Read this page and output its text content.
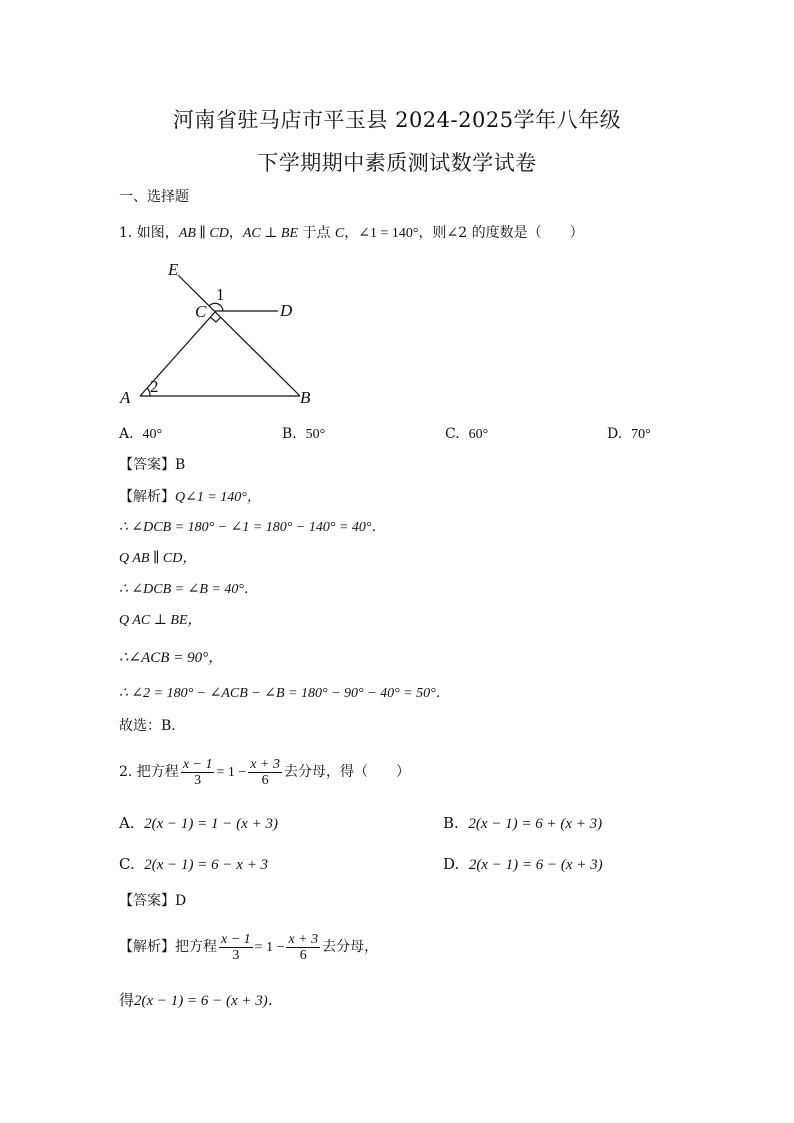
河南省驻马店市平玉县 2024-2025学年八年级
下学期期中素质测试数学试卷
一、选择题
1. 如图，AB ∥ CD，AC ⊥ BE 于点 C，∠1 = 140°，则∠2 的度数是（　　）
E
C	D
A	B
1
2
A. 40°	B. 50°	C. 60°	D. 70°
【答案】B
【解析】Q∠1 = 140°，
∴ ∠DCB = 180° − ∠1 = 180° − 140° = 40°．
Q AB ∥ CD，
∴ ∠DCB = ∠B = 40°．
Q AC ⊥ BE，
∴∠ACB = 90°，
∴ ∠2 = 180° − ∠ACB − ∠B = 180° − 90° − 40° = 50°．
故选：B．
2. 把方程 $\frac{x - 1}{3} = 1 - \frac{x + 3}{6}$ 去分母，得（　　）
A. 2(x − 1) = 1 − (x + 3)	B. 2(x − 1) = 6 + (x + 3)
C. 2(x − 1) = 6 − x + 3	D. 2(x − 1) = 6 − (x + 3)
【答案】D
【解析】把方程 $\frac{x - 1}{3} = 1 - \frac{x + 3}{6}$ 去分母，
得2(x − 1) = 6 − (x + 3)．
